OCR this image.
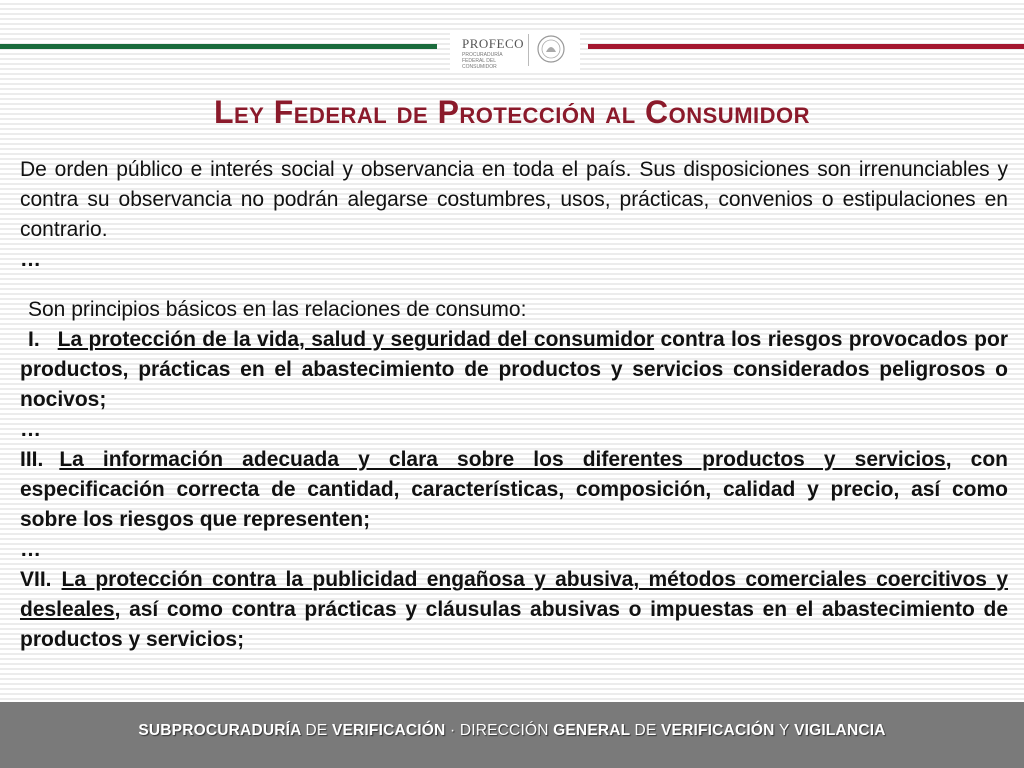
PROFECO
PROCURADURÍA FEDERAL DEL CONSUMIDOR
Ley Federal de Protección al Consumidor

De orden público e interés social y observancia en toda el país. Sus disposiciones son irrenunciables y contra su observancia no podrán alegarse costumbres, usos, prácticas, convenios o estipulaciones en contrario.

…

Son principios básicos en las relaciones de consumo:

I. La protección de la vida, salud y seguridad del consumidor contra los riesgos provocados por productos, prácticas en el abastecimiento de productos y servicios considerados peligrosos o nocivos;

…

III. La información adecuada y clara sobre los diferentes productos y servicios, con especificación correcta de cantidad, características, composición, calidad y precio, así como sobre los riesgos que representen;

…

VII. La protección contra la publicidad engañosa y abusiva, métodos comerciales coercitivos y desleales, así como contra prácticas y cláusulas abusivas o impuestas en el abastecimiento de productos y servicios;

SUBPROCURADURÍA DE VERIFICACIÓN · DIRECCIÓN GENERAL DE VERIFICACIÓN Y VIGILANCIA
